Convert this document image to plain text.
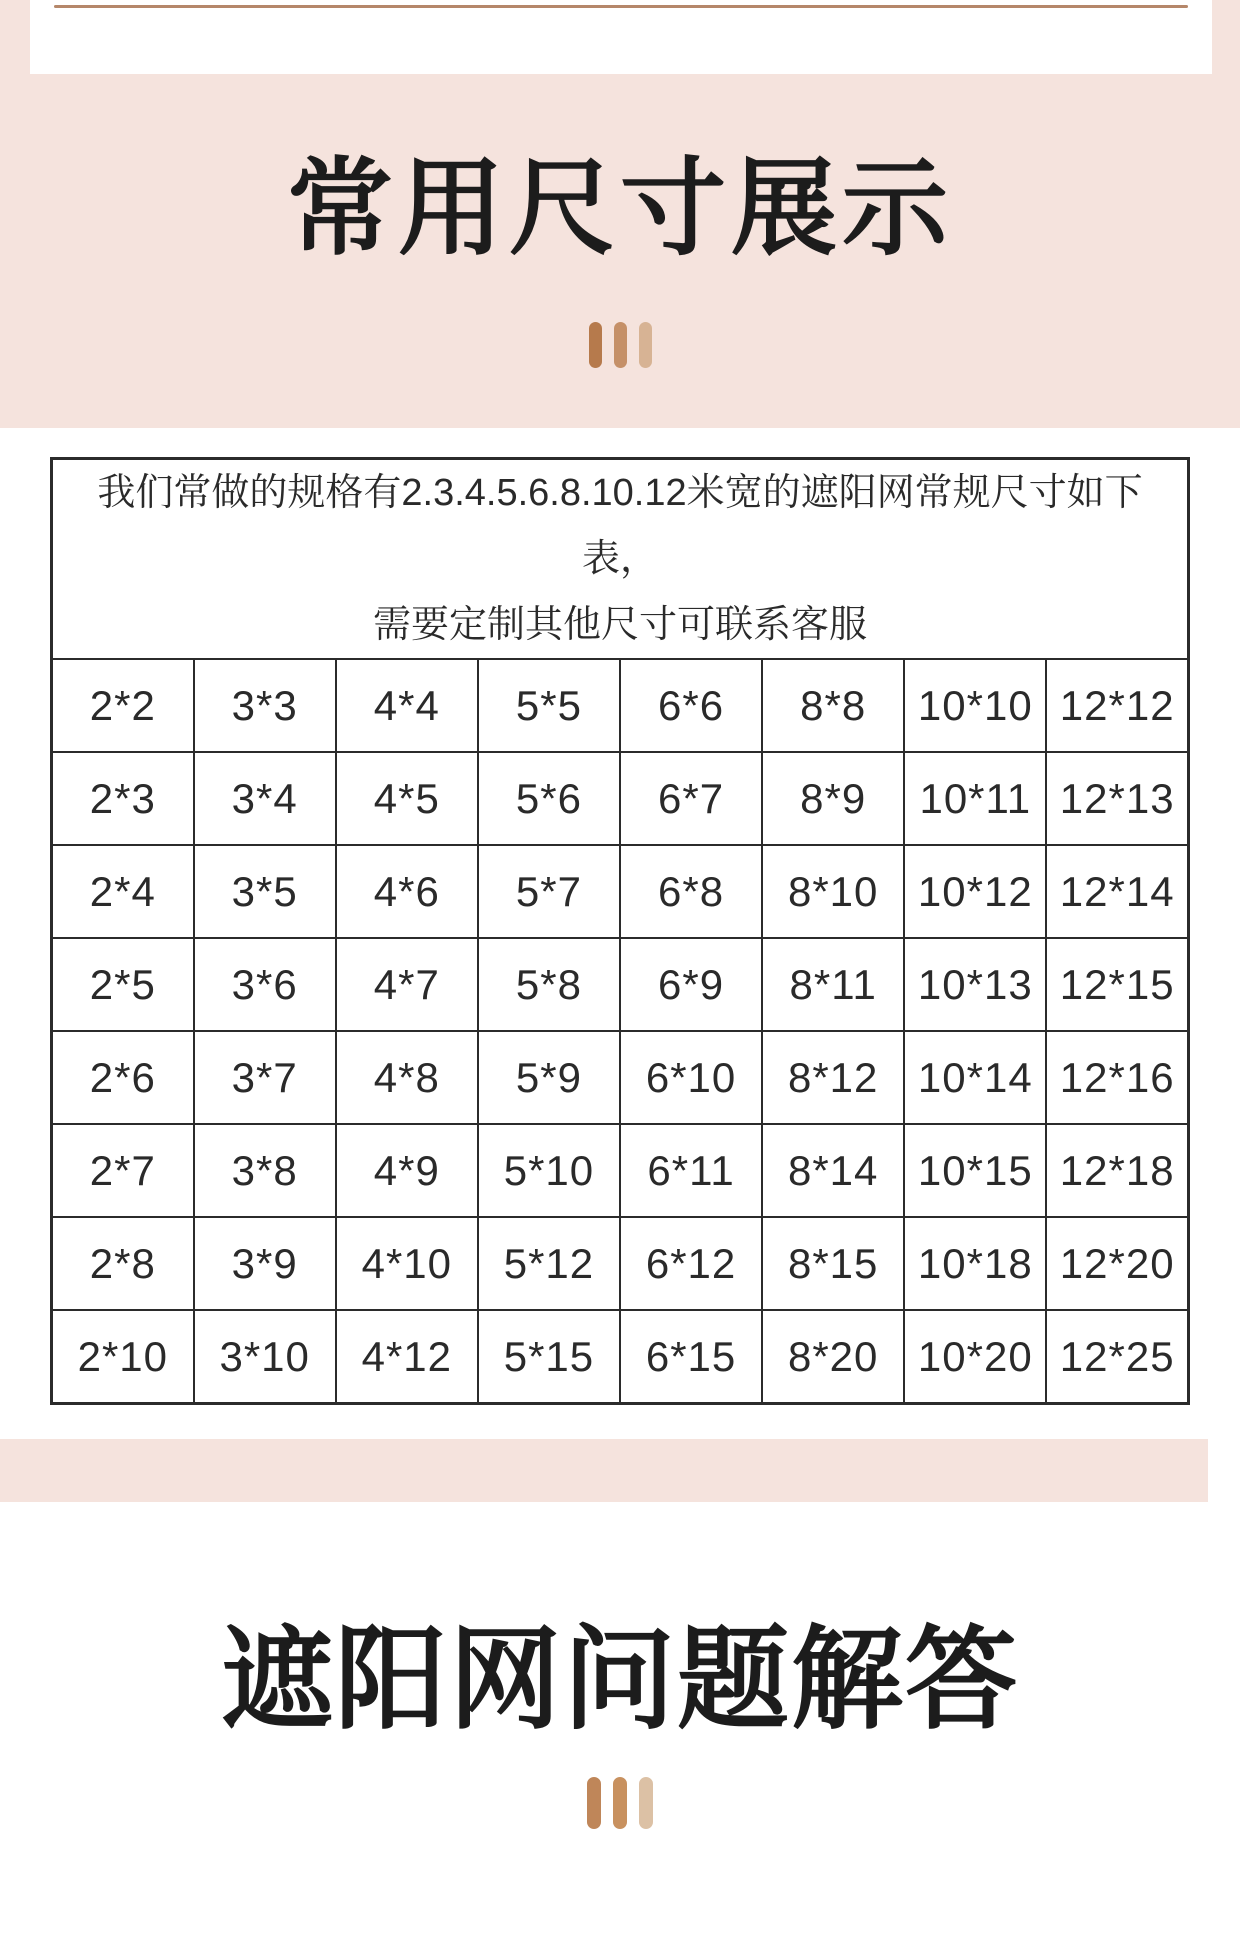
常用尺寸展示
我们常做的规格有2.3.4.5.6.8.10.12米宽的遮阳网常规尺寸如下表，
需要定制其他尺寸可联系客服							

2*2	3*3	4*4	5*5	6*6	8*8	10*10	12*12
2*3	3*4	4*5	5*6	6*7	8*9	10*11	12*13
2*4	3*5	4*6	5*7	6*8	8*10	10*12	12*14
2*5	3*6	4*7	5*8	6*9	8*11	10*13	12*15
2*6	3*7	4*8	5*9	6*10	8*12	10*14	12*16
2*7	3*8	4*9	5*10	6*11	8*14	10*15	12*18
2*8	3*9	4*10	5*12	6*12	8*15	10*18	12*20
2*10	3*10	4*12	5*15	6*15	8*20	10*20	12*25
遮阳网问题解答
